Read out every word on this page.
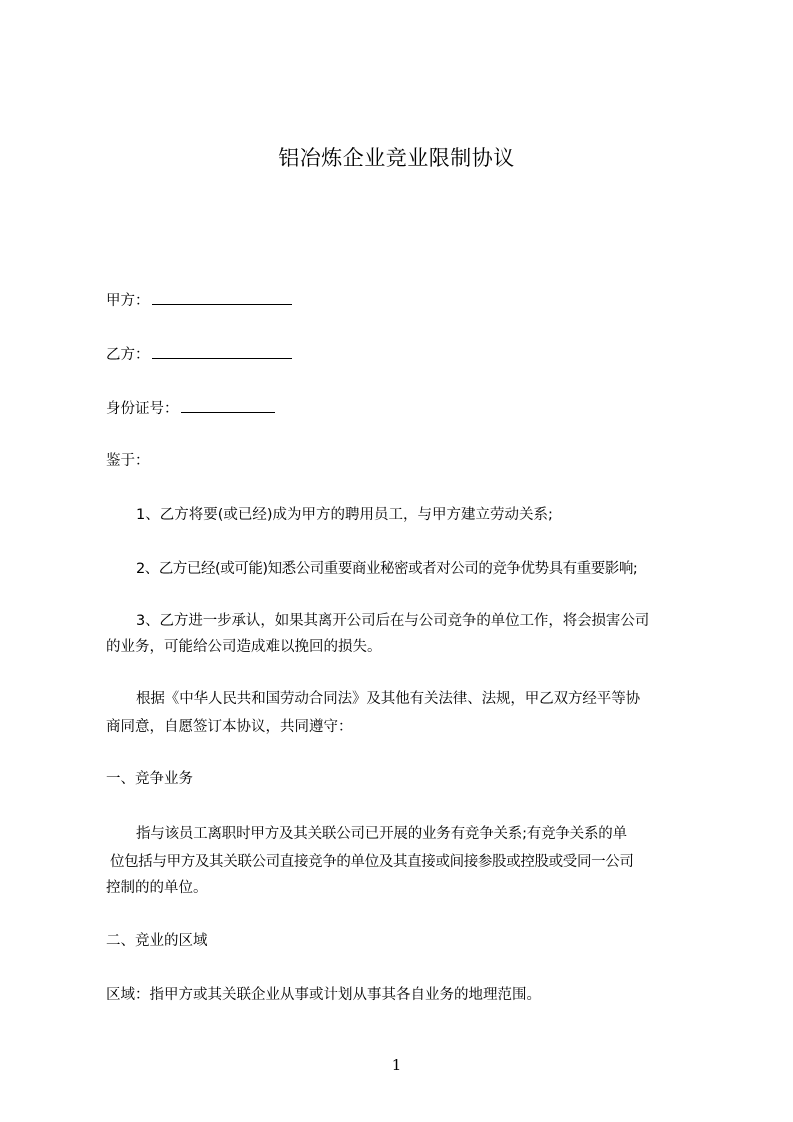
铝冶炼企业竞业限制协议
甲方：
乙方：
身份证号：
鉴于：
1、乙方将要(或已经)成为甲方的聘用员工，与甲方建立劳动关系;
2、乙方已经(或可能)知悉公司重要商业秘密或者对公司的竞争优势具有重要影响;
3、乙方进一步承认，如果其离开公司后在与公司竞争的单位工作，将会损害公司
的业务，可能给公司造成难以挽回的损失。
根据《中华人民共和国劳动合同法》及其他有关法律、法规，甲乙双方经平等协
商同意，自愿签订本协议，共同遵守：
一、竞争业务
指与该员工离职时甲方及其关联公司已开展的业务有竞争关系;有竞争关系的单
位包括与甲方及其关联公司直接竞争的单位及其直接或间接参股或控股或受同一公司
控制的的单位。
二、竞业的区域
区域：指甲方或其关联企业从事或计划从事其各自业务的地理范围。
1
